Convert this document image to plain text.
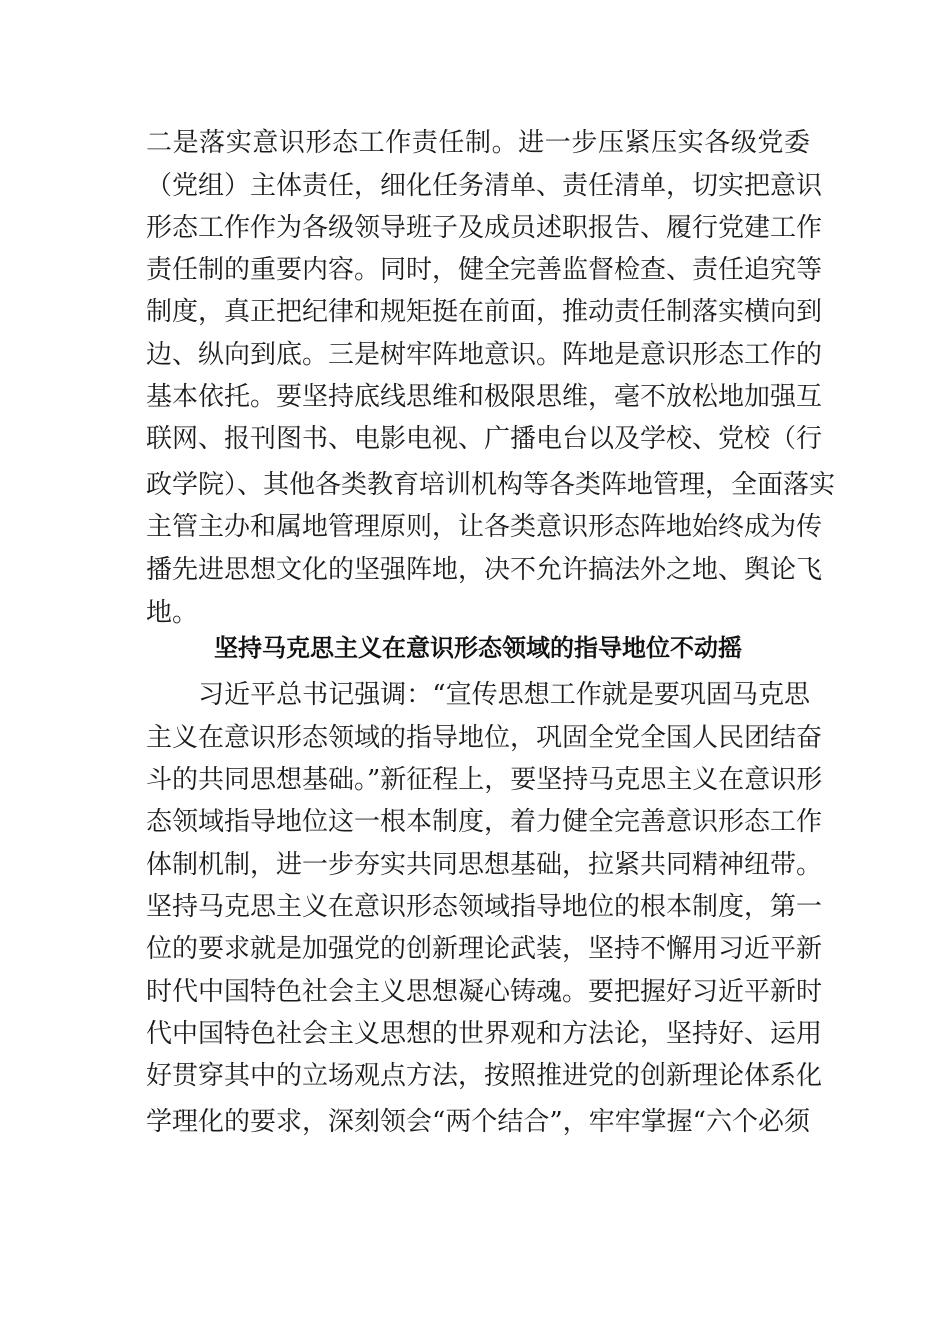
二是落实意识形态工作责任制。进一步压紧压实各级党委
（党组）主体责任，细化任务清单、责任清单，切实把意识
形态工作作为各级领导班子及成员述职报告、履行党建工作
责任制的重要内容。同时，健全完善监督检查、责任追究等
制度，真正把纪律和规矩挺在前面，推动责任制落实横向到
边、纵向到底。三是树牢阵地意识。阵地是意识形态工作的
基本依托。要坚持底线思维和极限思维，毫不放松地加强互
联网、报刊图书、电影电视、广播电台以及学校、党校（行
政学院）、其他各类教育培训机构等各类阵地管理，全面落实
主管主办和属地管理原则，让各类意识形态阵地始终成为传
播先进思想文化的坚强阵地，决不允许搞法外之地、舆论飞
地。
坚持马克思主义在意识形态领域的指导地位不动摇
　　习近平总书记强调：“宣传思想工作就是要巩固马克思
主义在意识形态领域的指导地位，巩固全党全国人民团结奋
斗的共同思想基础。”新征程上，要坚持马克思主义在意识形
态领域指导地位这一根本制度，着力健全完善意识形态工作
体制机制，进一步夯实共同思想基础，拉紧共同精神纽带。
坚持马克思主义在意识形态领域指导地位的根本制度，第一
位的要求就是加强党的创新理论武装，坚持不懈用习近平新
时代中国特色社会主义思想凝心铸魂。要把握好习近平新时
代中国特色社会主义思想的世界观和方法论，坚持好、运用
好贯穿其中的立场观点方法，按照推进党的创新理论体系化
学理化的要求，深刻领会“两个结合”，牢牢掌握“六个必须
